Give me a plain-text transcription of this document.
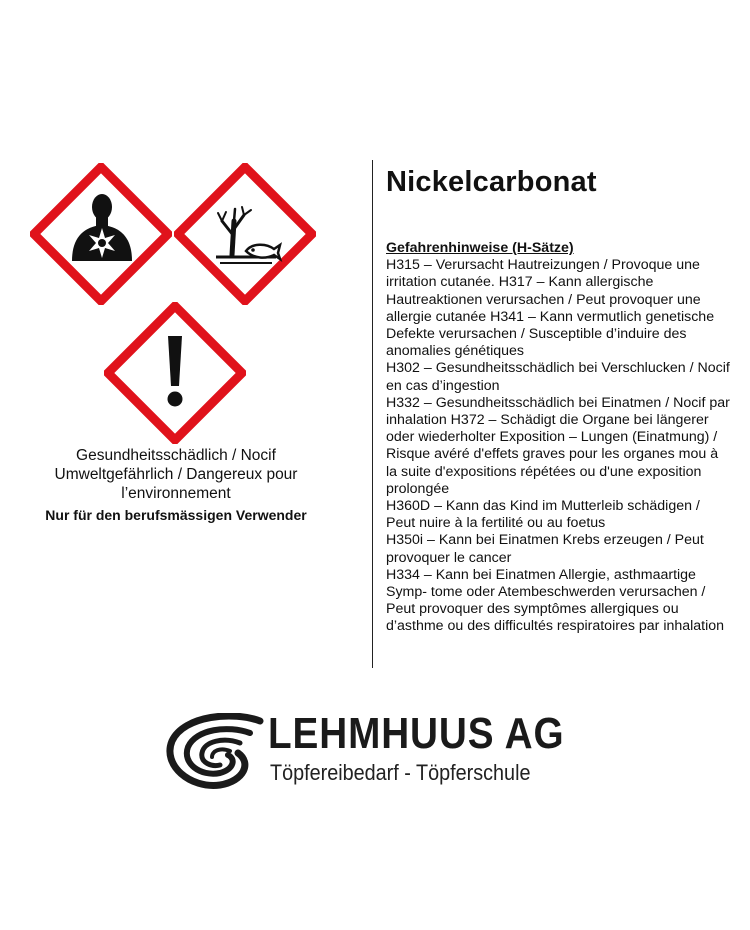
Gesundheitsschädlich / Nocif
Umweltgefährlich / Dangereux pour
l’environnement
Nur für den berufsmässigen Verwender
Nickelcarbonat
Gefahrenhinweise (H-Sätze)

H315 – Verursacht Hautreizungen / Provoque une irritation cutanée. H317 – Kann allergische Hautreaktionen verursachen / Peut provoquer une allergie cutanée H341 – Kann vermutlich genetische Defekte verursachen / Susceptible d’induire des anomalies génétiques

H302 – Gesundheitsschädlich bei Verschlucken / Nocif en cas d’ingestion

H332 – Gesundheitsschädlich bei Einatmen / Nocif par inhalation H372 – Schädigt die Organe bei längerer oder wiederholter Exposition – Lungen (Einatmung) / Risque avéré d'effets graves pour les organes mou à la suite d'expositions répétées ou d'une exposition prolongée

H360D – Kann das Kind im Mutterleib schädigen / Peut nuire à la fertilité ou au foetus

H350i – Kann bei Einatmen Krebs erzeugen / Peut provoquer le cancer

H334 – Kann bei Einatmen Allergie, asthmaartige Symp- tome oder Atembeschwerden verursachen / Peut provoquer des symptômes allergiques ou d’asthme ou des difficultés respiratoires par inhalation

LEHMHUUS AG
Töpfereibedarf - Töpferschule
